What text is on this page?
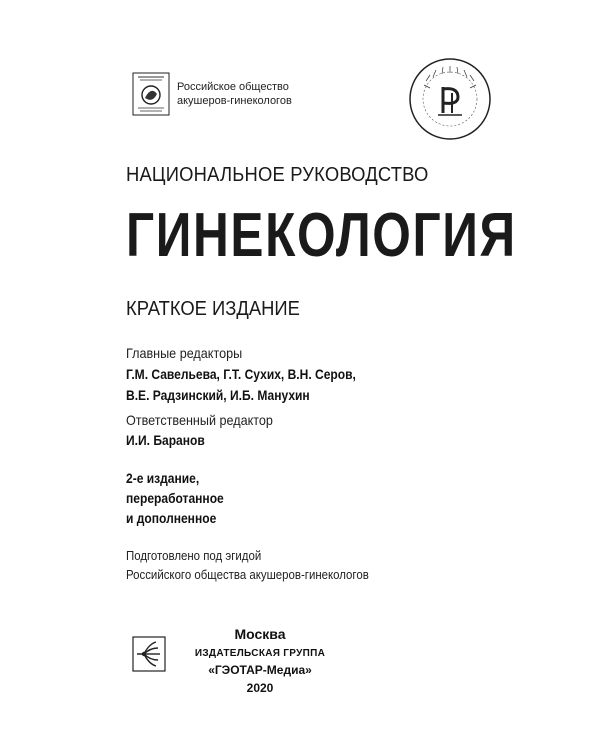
Российское общество
акушеров-гинекологов
НАЦИОНАЛЬНОЕ РУКОВОДСТВО
ГИНЕКОЛОГИЯ
КРАТКОЕ ИЗДАНИЕ
Главные редакторы
Г.М. Савельева, Г.Т. Сухих, В.Н. Серов,
В.Е. Радзинский, И.Б. Манухин
Ответственный редактор
И.И. Баранов
2-е издание,
переработанное
и дополненное
Подготовлено под эгидой
Российского общества акушеров-гинекологов
Москва
ИЗДАТЕЛЬСКАЯ ГРУППА
«ГЭОТАР-Медиа»
2020
